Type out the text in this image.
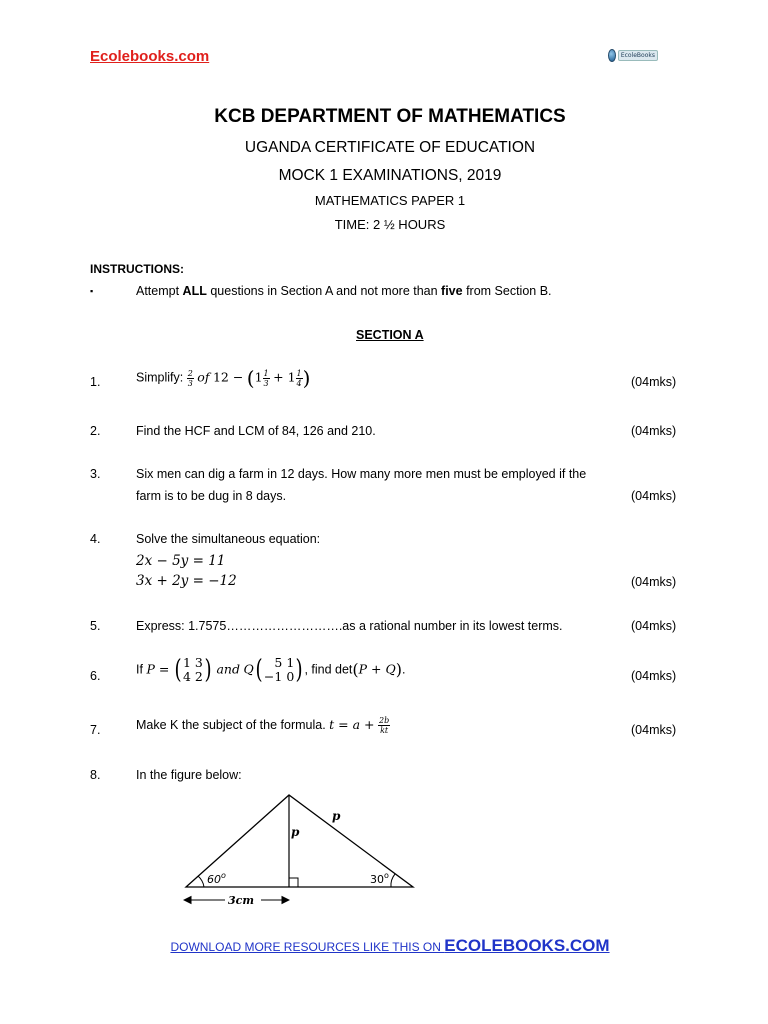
Ecolebooks.com	EcoleBooks
KCB DEPARTMENT OF MATHEMATICS
UGANDA CERTIFICATE OF EDUCATION
MOCK 1 EXAMINATIONS, 2019
MATHEMATICS PAPER 1
TIME: 2 ½ HOURS
INSTRUCTIONS:
▪	Attempt ALL questions in Section A and not more than five from Section B.
SECTION A
1.	Simplify: $\frac{2}{3}$ of $12 - (1 \frac{1}{3} + 1 \frac{1}{4}$ )	(04mks)
2.	Find the HCF and LCM of 84, 126 and 210.	(04mks)
3.	Six men can dig a farm in 12 days. How many more men must be employed if the
farm is to be dug in 8 days.	(04mks)
4.	Solve the simultaneous equation:
2x − 5y = 11
3x + 2y = −12	(04mks)
5.	Express: 1.7575……………………….as a rational number in its lowest terms.	(04mks)
6.	If P = ( 1 3
4 2 ) and Q ( 5 1
−1 0 ) , find det(P + Q).	(04mks)
7.	Make K the subject of the formula. $t = a + \frac{2b}{kt}$	(04mks)
8.	In the figure below:
60$^o$	30$^o$
p
p
3cm
DOWNLOAD MORE RESOURCES LIKE THIS ON ECOLEBOOKS.COM
